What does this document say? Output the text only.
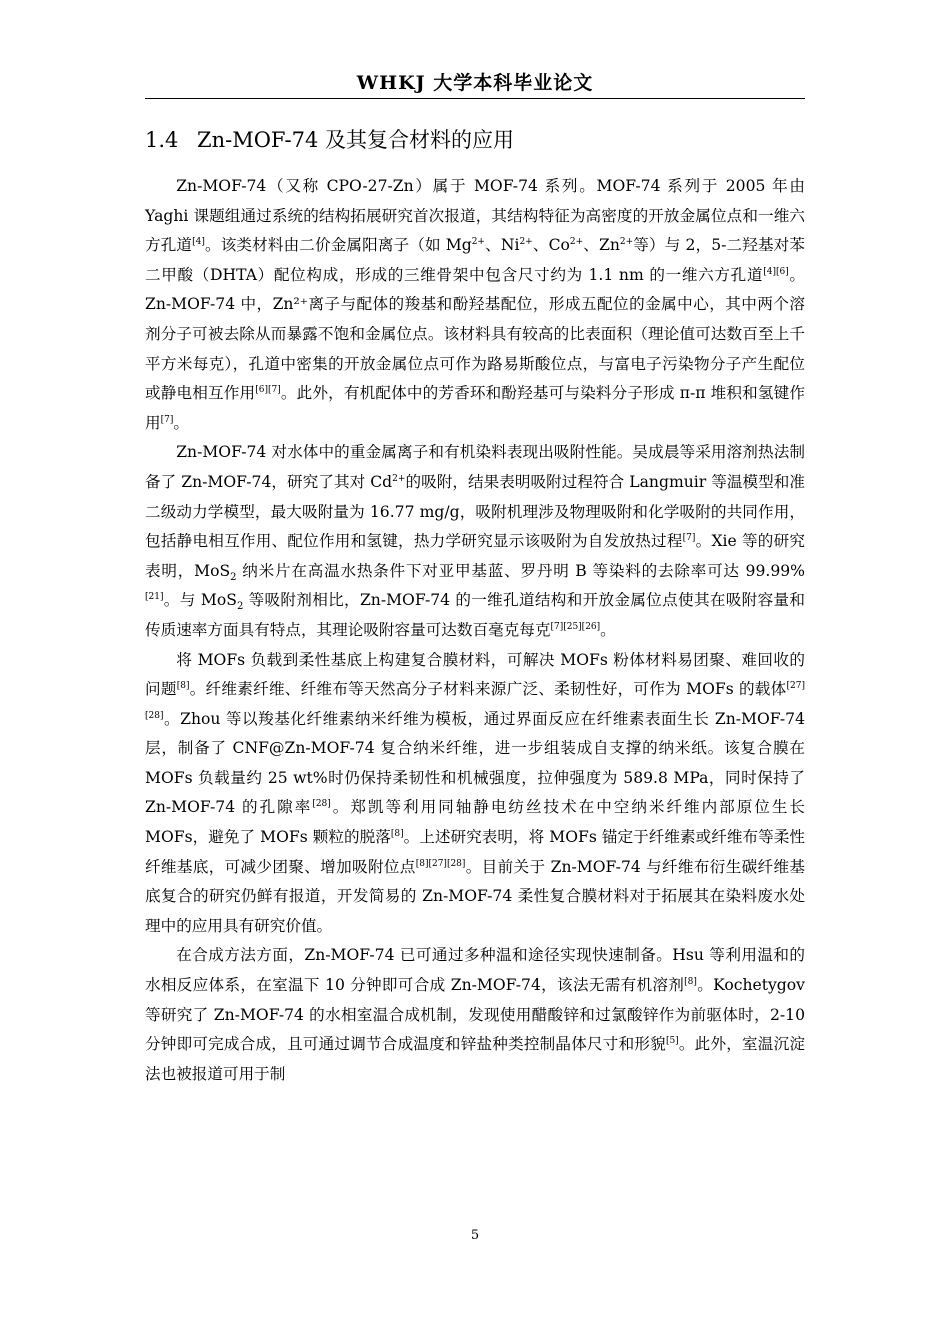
WHKJ 大学本科毕业论文
1.4 Zn-MOF-74 及其复合材料的应用

Zn-MOF-74（又称 CPO-27-Zn）属于 MOF-74 系列。MOF-74 系列于 2005 年由 Yaghi 课题组通过系统的结构拓展研究首次报道，其结构特征为高密度的开放金属位点和一维六方孔道[4]。该类材料由二价金属阳离子（如 $Mg^{2+}$、$Ni^{2+}$、$Co^{2+}$、$Zn^{2+}$等）与 2，5-二羟基对苯二甲酸（DHTA）配位构成，形成的三维骨架中包含尺寸约为 1.1 nm 的一维六方孔道[4][6]。Zn-MOF-74 中，Zn²⁺离子与配体的羧基和酚羟基配位，形成五配位的金属中心，其中两个溶剂分子可被去除从而暴露不饱和金属位点。该材料具有较高的比表面积（理论值可达数百至上千平方米每克），孔道中密集的开放金属位点可作为路易斯酸位点，与富电子污染物分子产生配位或静电相互作用[6][7]。此外，有机配体中的芳香环和酚羟基可与染料分子形成 π-π 堆积和氢键作用[7]。

Zn-MOF-74 对水体中的重金属离子和有机染料表现出吸附性能。吴成晨等采用溶剂热法制备了 Zn-MOF-74，研究了其对 $Cd^{2+}$的吸附，结果表明吸附过程符合 Langmuir 等温模型和准二级动力学模型，最大吸附量为 16.77 mg/g，吸附机理涉及物理吸附和化学吸附的共同作用，包括静电相互作用、配位作用和氢键，热力学研究显示该吸附为自发放热过程[7]。Xie 等的研究表明，MoS$_2$ 纳米片在高温水热条件下对亚甲基蓝、罗丹明 B 等染料的去除率可达 99.99%[21]。与 MoS$_2$ 等吸附剂相比，Zn-MOF-74 的一维孔道结构和开放金属位点使其在吸附容量和传质速率方面具有特点，其理论吸附容量可达数百毫克每克[7][25][26]。

将 MOFs 负载到柔性基底上构建复合膜材料，可解决 MOFs 粉体材料易团聚、难回收的问题[8]。纤维素纤维、纤维布等天然高分子材料来源广泛、柔韧性好，可作为 MOFs 的载体[27][28]。Zhou 等以羧基化纤维素纳米纤维为模板，通过界面反应在纤维素表面生长 Zn-MOF-74 层，制备了 CNF@Zn-MOF-74 复合纳米纤维，进一步组装成自支撑的纳米纸。该复合膜在 MOFs 负载量约 25 wt%时仍保持柔韧性和机械强度，拉伸强度为 589.8 MPa，同时保持了 Zn-MOF-74 的孔隙率[28]。郑凯等利用同轴静电纺丝技术在中空纳米纤维内部原位生长 MOFs，避免了 MOFs 颗粒的脱落[8]。上述研究表明，将 MOFs 锚定于纤维素或纤维布等柔性纤维基底，可减少团聚、增加吸附位点[8][27][28]。目前关于 Zn-MOF-74 与纤维布衍生碳纤维基底复合的研究仍鲜有报道，开发简易的 Zn-MOF-74 柔性复合膜材料对于拓展其在染料废水处理中的应用具有研究价值。

在合成方法方面，Zn-MOF-74 已可通过多种温和途径实现快速制备。Hsu 等利用温和的水相反应体系，在室温下 10 分钟即可合成 Zn-MOF-74，该法无需有机溶剂[8]。Kochetygov 等研究了 Zn-MOF-74 的水相室温合成机制，发现使用醋酸锌和过氯酸锌作为前驱体时，2-10 分钟即可完成合成，且可通过调节合成温度和锌盐种类控制晶体尺寸和形貌[5]。此外，室温沉淀法也被报道可用于制

5
